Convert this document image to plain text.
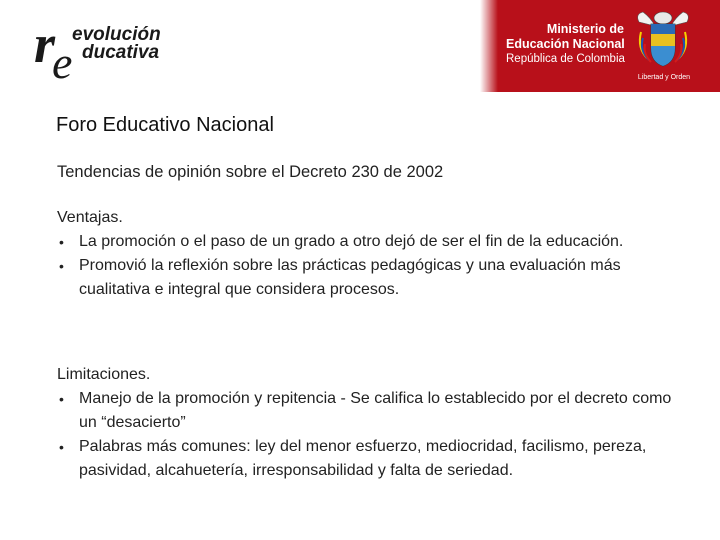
r
e
evolución
ducativa
Ministerio de
Educación Nacional
República de Colombia
Libertad y Orden
Foro Educativo Nacional
Tendencias de opinión sobre el Decreto 230 de 2002
Ventajas.
• La promoción o el paso de un grado a otro dejó de ser el fin de la educación.
• Promovió la reflexión sobre las prácticas pedagógicas y una evaluación más cualitativa e integral que considera procesos.
Limitaciones.
• Manejo de la promoción y repitencia - Se califica lo establecido por el decreto como un “desacierto”
• Palabras más comunes: ley del menor esfuerzo, mediocridad, facilismo, pereza, pasividad, alcahuetería, irresponsabilidad y falta de seriedad.
